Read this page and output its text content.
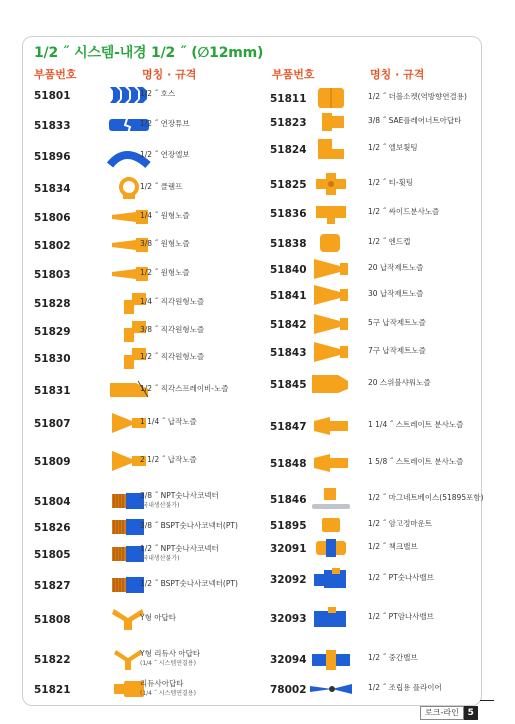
1/2 ˝ 시스템-내경 1/2 ˝ (∅12mm)
부품번호	명칭 · 규격	부품번호	명칭 · 규격
51801	1/2 ˝ 호스
51833	1/2 ˝ 연장튜브
51896	1/2 ˝ 연장엘보
51834	1/2 ˝ 클램프
51806	1/4 ˝ 원형노즐
51802	3/8 ˝ 원형노즐
51803	1/2 ˝ 원형노즐
51828	1/4 ˝ 직각원형노즐
51829	3/8 ˝ 직각원형노즐
51830	1/2 ˝ 직각원형노즐
51831	1/2 ˝ 직각스프레이비-노즐
51807	1 1/4 ˝ 납작노즐
51809	2 1/2 ˝ 납작노즐
51804
3/8 ˝ NPT숫나사코넥터
(국내생산불가)
51826	3/8 ˝ BSPT숫나사코넥터(PT)
51805
1/2 ˝ NPT숫나사코넥터
(국내생산불가)
51827	1/2 ˝ BSPT숫나사코넥터(PT)
51808	Y형 아답타
51822
Y형 리듀사 아답타
(1/4 ˝ 시스템연결용)
51821
리듀사아답타
(1/4 ˝ 시스템연결용)
51811	1/2 ˝ 더블소켓(역방향연결용)
51823	3/8 ˝ SAE플레어너트아답타
51824	1/2 ˝ 엘보휫팅
51825	1/2 ˝ 티-휫팅
51836	1/2 ˝ 싸이드분사노즐
51838	1/2 ˝ 엔드캡
51840	20 납작제트노즐
51841	30 납작제트노즐
51842	5구 납작제트노즐
51843	7구 납작제트노즐
51845	20 스위블샤워노즐
51847	1 1/4 ˝ 스트레이트 분사노즐
51848	1 5/8 ˝ 스트레이트 분사노즐
51846	1/2 ˝ 마그네트베이스(51895포함)
51895	1/2 ˝ 암고정마운트
32091	1/2 ˝ 책크밸브
32092	1/2 ˝ PT숫나사밸브
32093	1/2 ˝ PT암나사밸브
32094	1/2 ˝ 중간밸브
78002	1/2 ˝ 조립용 플라이어
로크-라인 5
